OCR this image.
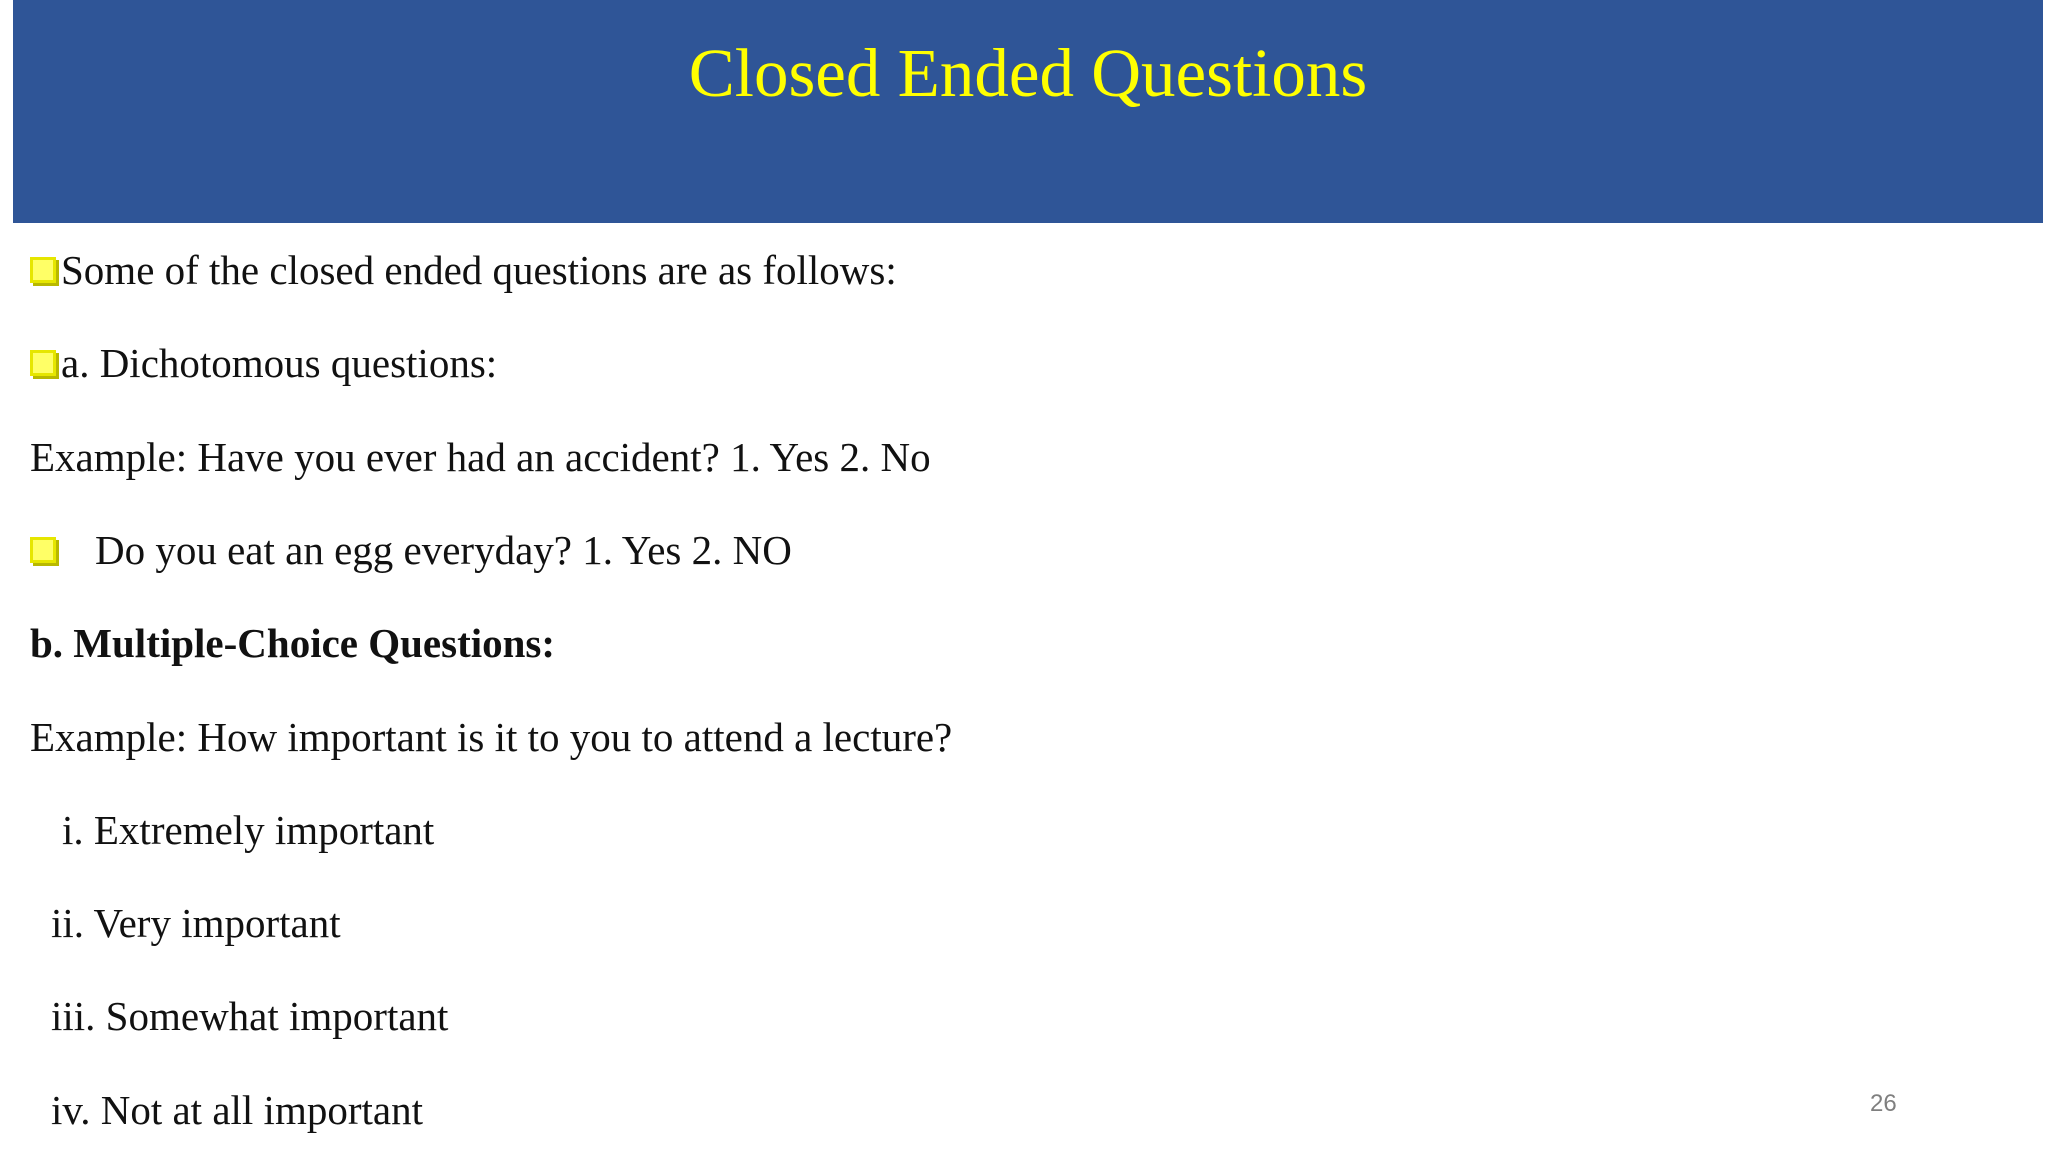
Closed Ended Questions
Some of the closed ended questions are as follows:
a. Dichotomous questions:
Example: Have you ever had an accident? 1. Yes 2. No
Do you eat an egg everyday? 1. Yes 2. NO
b. Multiple-Choice Questions:
Example: How important is it to you to attend a lecture?
i. Extremely important
ii. Very important
iii. Somewhat important
iv. Not at all important	26
